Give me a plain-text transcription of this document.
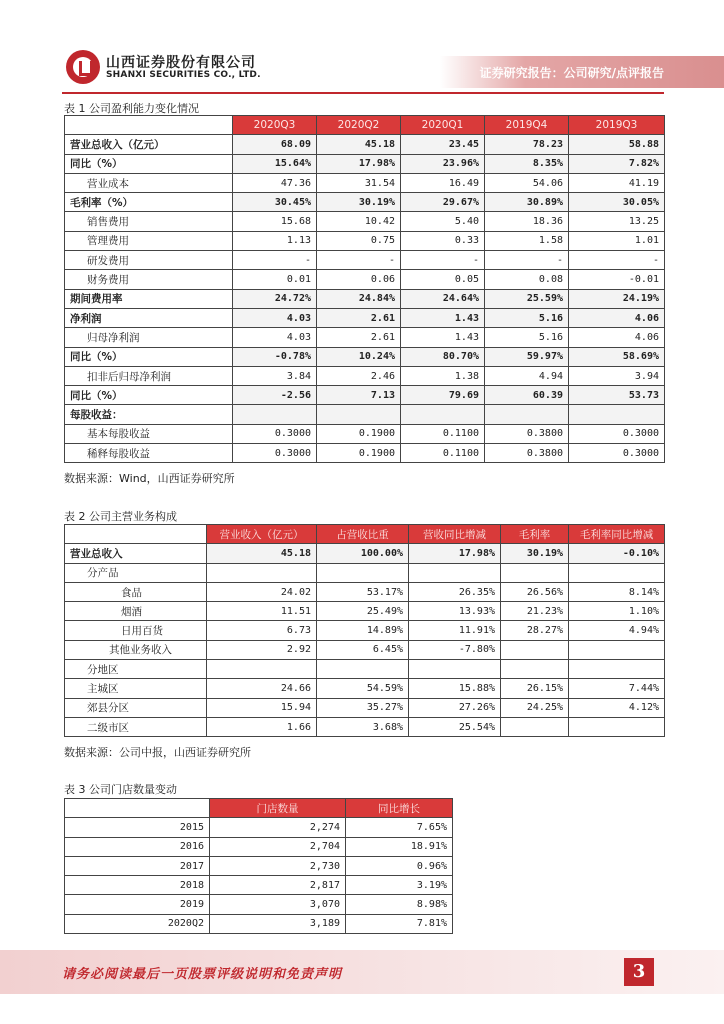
山西证券股份有限公司
SHANXI SECURITIES CO., LTD.	证券研究报告：公司研究/点评报告
表 1 公司盈利能力变化情况
	2020Q3	2020Q2	2020Q1	2019Q4	2019Q3
营业总收入（亿元）	68.09	45.18	23.45	78.23	58.88
同比（%）	15.64%	17.98%	23.96%	8.35%	7.82%
营业成本	47.36	31.54	16.49	54.06	41.19
毛利率（%）	30.45%	30.19%	29.67%	30.89%	30.05%
销售费用	15.68	10.42	5.40	18.36	13.25
管理费用	1.13	0.75	0.33	1.58	1.01
研发费用	-	-	-	-	-
财务费用	0.01	0.06	0.05	0.08	-0.01
期间费用率	24.72%	24.84%	24.64%	25.59%	24.19%
净利润	4.03	2.61	1.43	5.16	4.06
归母净利润	4.03	2.61	1.43	5.16	4.06
同比（%）	-0.78%	10.24%	80.70%	59.97%	58.69%
扣非后归母净利润	3.84	2.46	1.38	4.94	3.94
同比（%）	-2.56	7.13	79.69	60.39	53.73
每股收益：					
基本每股收益	0.3000	0.1900	0.1100	0.3800	0.3000
稀释每股收益	0.3000	0.1900	0.1100	0.3800	0.3000
数据来源：Wind，山西证券研究所
表 2 公司主营业务构成
	营业收入（亿元）	占营收比重	营收同比增减	毛利率	毛利率同比增减
营业总收入	45.18	100.00%	17.98%	30.19%	-0.10%
分产品					
食品	24.02	53.17%	26.35%	26.56%	8.14%
烟酒	11.51	25.49%	13.93%	21.23%	1.10%
日用百货	6.73	14.89%	11.91%	28.27%	4.94%
其他业务收入	2.92	6.45%	-7.80%		
分地区					
主城区	24.66	54.59%	15.88%	26.15%	7.44%
郊县分区	15.94	35.27%	27.26%	24.25%	4.12%
二级市区	1.66	3.68%	25.54%		
数据来源：公司中报，山西证券研究所
表 3 公司门店数量变动
	门店数量	同比增长
2015	2,274	7.65%
2016	2,704	18.91%
2017	2,730	0.96%
2018	2,817	3.19%
2019	3,070	8.98%
2020Q2	3,189	7.81%
请务必阅读最后一页股票评级说明和免责声明	3
